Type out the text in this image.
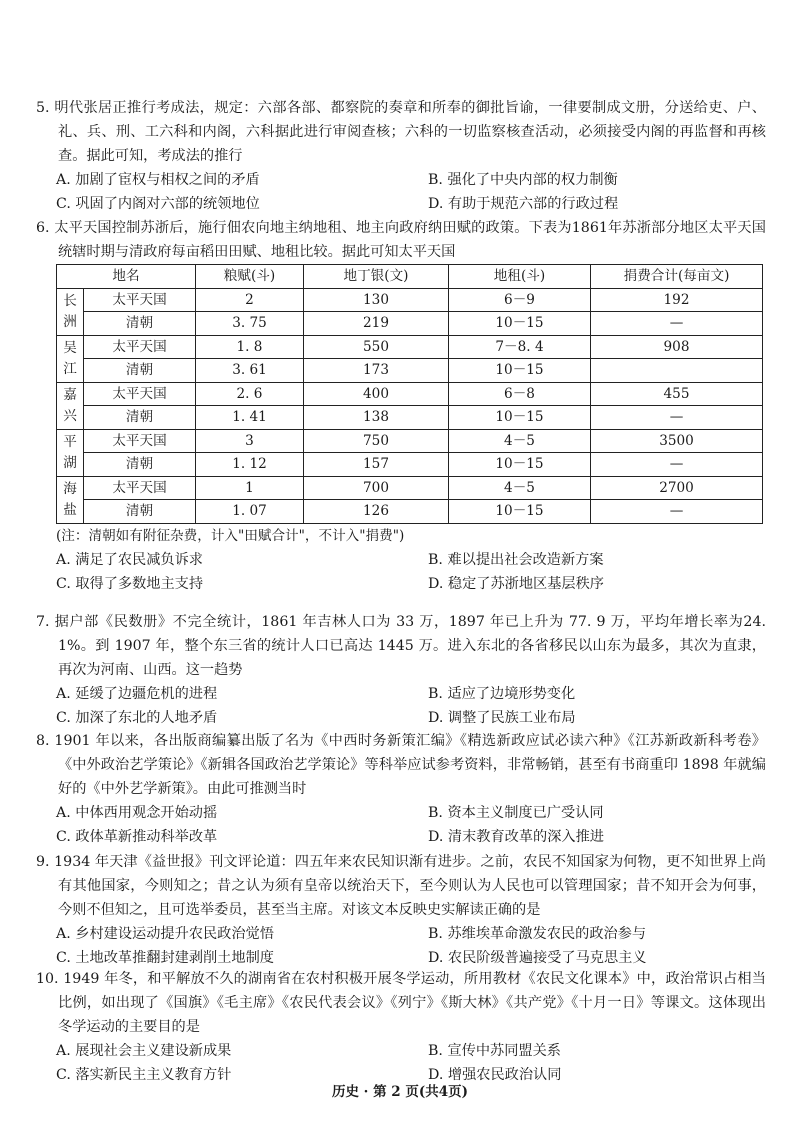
5. 明代张居正推行考成法，规定：六部各部、都察院的奏章和所奉的御批旨谕，一律要制成文册，分送给吏、户、礼、兵、刑、工六科和内阁，六科据此进行审阅查核；六科的一切监察核查活动，必须接受内阁的再监督和再核查。据此可知，考成法的推行

A. 加剧了宦权与相权之间的矛盾	B. 强化了中央内部的权力制衡
C. 巩固了内阁对六部的统领地位	D. 有助于规范六部的行政过程

6. 太平天国控制苏浙后，施行佃农向地主纳地租、地主向政府纳田赋的政策。下表为1861年苏浙部分地区太平天国统辖时期与清政府每亩稻田田赋、地租比较。据此可知太平天国

地名		粮赋(斗)	地丁银(文)	地租(斗)	捐费合计(每亩文)
长
洲	太平天国	2	130	6－9	192
	清朝	3. 75	219	10－15	—
吴
江	太平天国	1. 8	550	7－8. 4	908
	清朝	3. 61	173	10－15	
嘉
兴	太平天国	2. 6	400	6－8	455
	清朝	1. 41	138	10－15	—
平
湖	太平天国	3	750	4－5	3500
	清朝	1. 12	157	10－15	—
海
盐	太平天国	1	700	4－5	2700
	清朝	1. 07	126	10－15	—
(注：清朝如有附征杂费，计入"田赋合计"，不计入"捐费")
A. 满足了农民减负诉求	B. 难以提出社会改造新方案
C. 取得了多数地主支持	D. 稳定了苏浙地区基层秩序

7. 据户部《民数册》不完全统计，1861 年吉林人口为 33 万，1897 年已上升为 77. 9 万，平均年增长率为24. 1%。到 1907 年，整个东三省的统计人口已高达 1445 万。进入东北的各省移民以山东为最多，其次为直隶，再次为河南、山西。这一趋势

A. 延缓了边疆危机的进程	B. 适应了边境形势变化
C. 加深了东北的人地矛盾	D. 调整了民族工业布局

8. 1901 年以来，各出版商编纂出版了名为《中西时务新策汇编》《精选新政应试必读六种》《江苏新政新科考卷》《中外政治艺学策论》《新辑各国政治艺学策论》等科举应试参考资料，非常畅销，甚至有书商重印 1898 年就编好的《中外艺学新策》。由此可推测当时

A. 中体西用观念开始动摇	B. 资本主义制度已广受认同
C. 政体革新推动科举改革	D. 清末教育改革的深入推进

9. 1934 年天津《益世报》刊文评论道：四五年来农民知识渐有进步。之前，农民不知国家为何物，更不知世界上尚有其他国家，今则知之；昔之认为须有皇帝以统治天下，至今则认为人民也可以管理国家；昔不知开会为何事，今则不但知之，且可选举委员，甚至当主席。对该文本反映史实解读正确的是

A. 乡村建设运动提升农民政治觉悟	B. 苏维埃革命激发农民的政治参与
C. 土地改革推翻封建剥削土地制度	D. 农民阶级普遍接受了马克思主义

10. 1949 年冬，和平解放不久的湖南省在农村积极开展冬学运动，所用教材《农民文化课本》中，政治常识占相当比例，如出现了《国旗》《毛主席》《农民代表会议》《列宁》《斯大林》《共产党》《十月一日》等课文。这体现出冬学运动的主要目的是

A. 展现社会主义建设新成果	B. 宣传中苏同盟关系
C. 落实新民主主义教育方针	D. 增强农民政治认同
历史 · 第 2 页(共4页)
